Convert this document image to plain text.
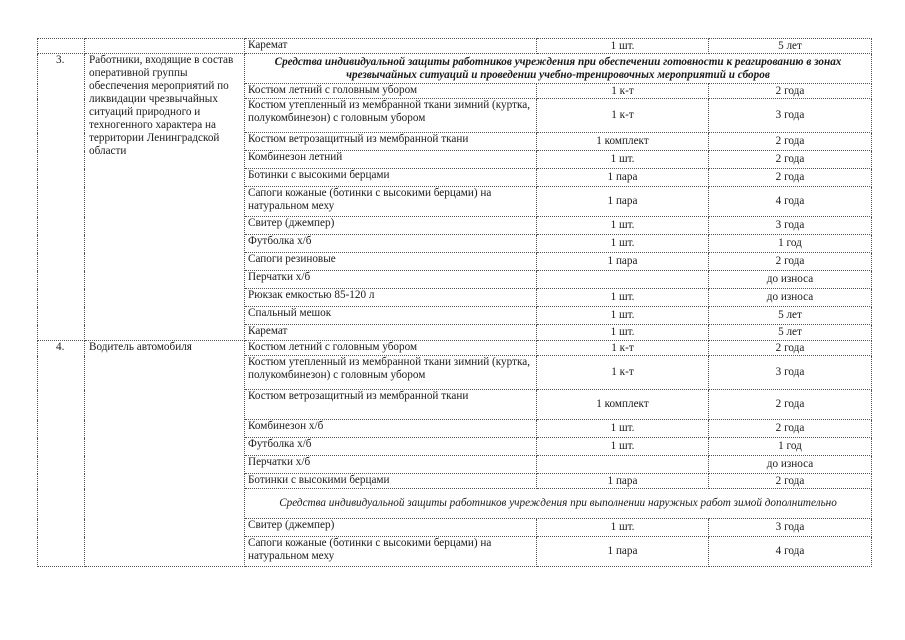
		Каремат	1 шт.	5 лет
3.	Работники, входящие в состав оперативной группы обеспечения мероприятий по ликвидации чрезвычайных ситуаций природного и техногенного характера на территории Ленинградской области	Средства индивидуальной защиты работников учреждения при обеспечении готовности к реагированию в зонах чрезвычайных ситуаций и проведении учебно-тренировочных мероприятий и сборов		
		Костюм летний с головным убором	1 к-т	2 года
		Костюм утепленный из мембранной ткани зимний (куртка, полукомбинезон) с головным убором	1 к-т	3 года
		Костюм ветрозащитный из мембранной ткани	1 комплект	2 года
		Комбинезон летний	1 шт.	2 года
		Ботинки с высокими берцами	1 пара	2 года
		Сапоги кожаные (ботинки с высокими берцами) на натуральном меху	1 пара	4 года
		Свитер (джемпер)	1 шт.	3 года
		Футболка х/б	1 шт.	1 год
		Сапоги резиновые	1 пара	2 года
		Перчатки х/б		до износа
		Рюкзак емкостью 85-120 л	1 шт.	до износа
		Спальный мешок	1 шт.	5 лет
		Каремат	1 шт.	5 лет
4.	Водитель автомобиля	Костюм летний с головным убором	1 к-т	2 года
		Костюм утепленный из мембранной ткани зимний (куртка, полукомбинезон) с головным убором	1 к-т	3 года
		Костюм ветрозащитный из мембранной ткани	1 комплект	2 года
		Комбинезон х/б	1 шт.	2 года
		Футболка х/б	1 шт.	1 год
		Перчатки х/б		до износа
		Ботинки с высокими берцами	1 пара	2 года
		Средства индивидуальной защиты работников учреждения при выполнении наружных работ зимой дополнительно		
		Свитер (джемпер)	1 шт.	3 года
		Сапоги кожаные (ботинки с высокими берцами) на натуральном меху	1 пара	4 года
